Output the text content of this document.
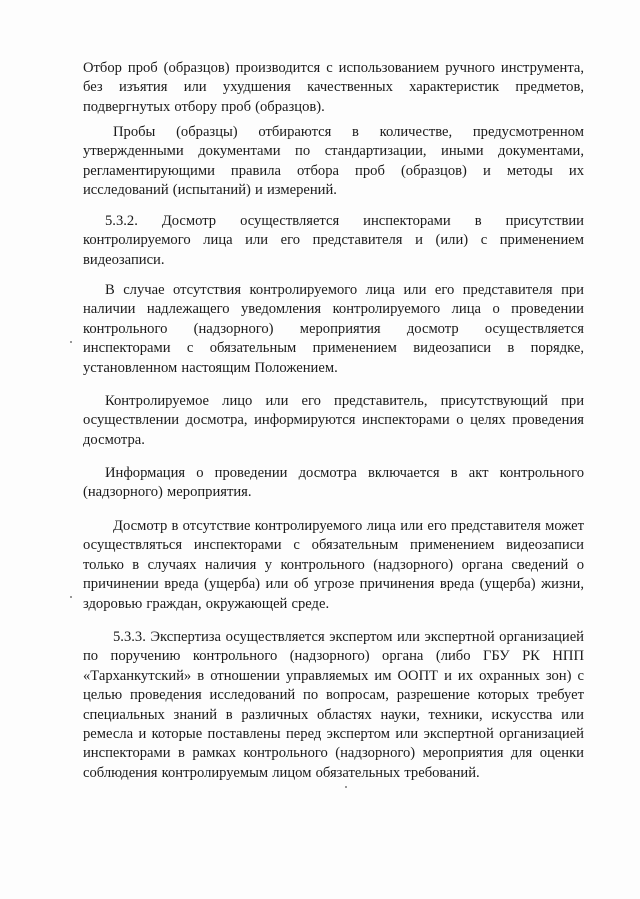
Отбор проб (образцов) производится с использованием ручного инструмента, без изъятия или ухудшения качественных характеристик предметов, подвергнутых отбору проб (образцов).

Пробы (образцы) отбираются в количестве, предусмотренном утвержденными документами по стандартизации, иными документами, регламентирующими правила отбора проб (образцов) и методы их исследований (испытаний) и измерений.

5.3.2. Досмотр осуществляется инспекторами в присутствии контролируемого лица или его представителя и (или) с применением видеозаписи.

В случае отсутствия контролируемого лица или его представителя при наличии надлежащего уведомления контролируемого лица о проведении контрольного (надзорного) мероприятия досмотр осуществляется инспекторами с обязательным применением видеозаписи в порядке, установленном настоящим Положением.

Контролируемое лицо или его представитель, присутствующий при осуществлении досмотра, информируются инспекторами о целях проведения досмотра.

Информация о проведении досмотра включается в акт контрольного (надзорного) мероприятия.

Досмотр в отсутствие контролируемого лица или его представителя может осуществляться инспекторами с обязательным применением видеозаписи только в случаях наличия у контрольного (надзорного) органа сведений о причинении вреда (ущерба) или об угрозе причинения вреда (ущерба) жизни, здоровью граждан, окружающей среде.

5.3.3. Экспертиза осуществляется экспертом или экспертной организацией по поручению контрольного (надзорного) органа (либо ГБУ РК НПП «Тарханкутский» в отношении управляемых им ООПТ и их охранных зон) с целью проведения исследований по вопросам, разрешение которых требует специальных знаний в различных областях науки, техники, искусства или ремесла и которые поставлены перед экспертом или экспертной организацией инспекторами в рамках контрольного (надзорного) мероприятия для оценки соблюдения контролируемым лицом обязательных требований.
